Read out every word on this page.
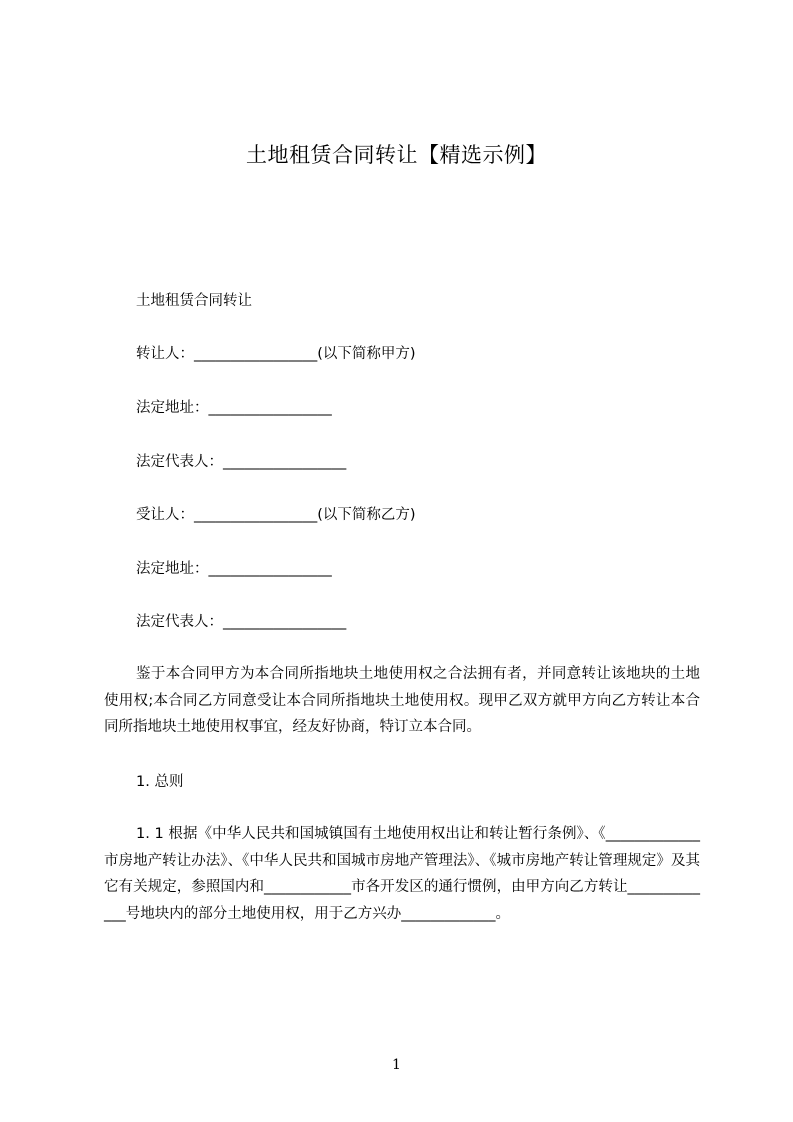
土地租赁合同转让【精选示例】
土地租赁合同转让
转让人：_________________(以下简称甲方)
法定地址：_________________
法定代表人：_________________
受让人：_________________(以下简称乙方)
法定地址：_________________
法定代表人：_________________
鉴于本合同甲方为本合同所指地块土地使用权之合法拥有者，并同意转让该地块的土地使用权;本合同乙方同意受让本合同所指地块土地使用权。现甲乙双方就甲方向乙方转让本合同所指地块土地使用权事宜，经友好协商，特订立本合同。
1. 总则
1. 1 根据《中华人民共和国城镇国有土地使用权出让和转让暂行条例》、《_____________市房地产转让办法》、《中华人民共和国城市房地产管理法》、《城市房地产转让管理规定》及其它有关规定，参照国内和____________市各开发区的通行惯例，由甲方向乙方转让_____________号地块内的部分土地使用权，用于乙方兴办_____________。
1
